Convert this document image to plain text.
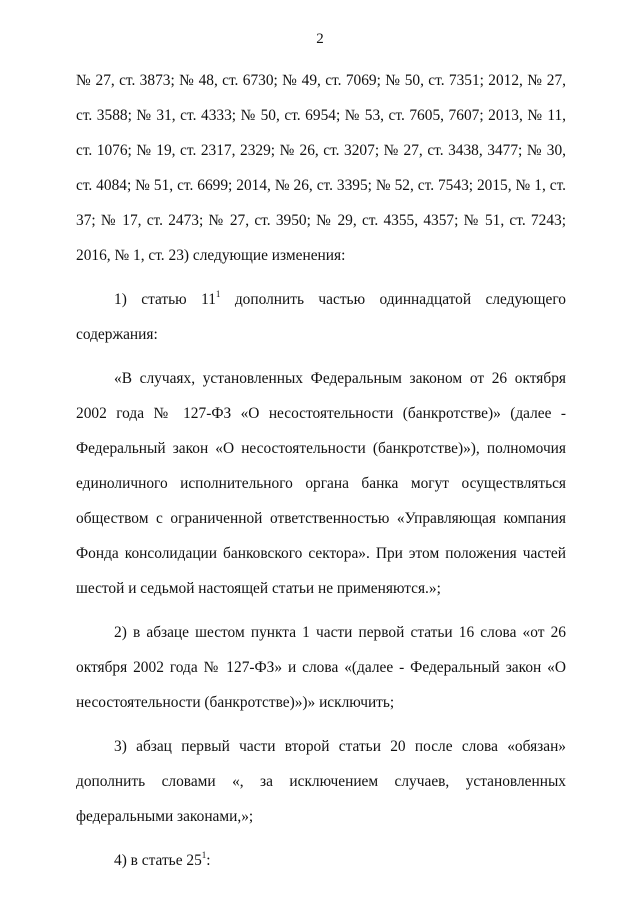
2

№ 27, ст. 3873; № 48, ст. 6730; № 49, ст. 7069; № 50, ст. 7351; 2012, № 27, ст. 3588; № 31, ст. 4333; № 50, ст. 6954; № 53, ст. 7605, 7607; 2013, № 11, ст. 1076; № 19, ст. 2317, 2329; № 26, ст. 3207; № 27, ст. 3438, 3477; № 30, ст. 4084; № 51, ст. 6699; 2014, № 26, ст. 3395; № 52, ст. 7543; 2015, № 1, ст. 37; № 17, ст. 2473; № 27, ст. 3950; № 29, ст. 4355, 4357; № 51, ст. 7243; 2016, № 1, ст. 23) следующие изменения:

1) статью $11^1$ дополнить частью одиннадцатой следующего содержания:

«В случаях, установленных Федеральным законом от 26 октября 2002 года № 127-ФЗ «О несостоятельности (банкротстве)» (далее - Федеральный закон «О несостоятельности (банкротстве)»), полномочия единоличного исполнительного органа банка могут осуществляться обществом с ограниченной ответственностью «Управляющая компания Фонда консолидации банковского сектора». При этом положения частей шестой и седьмой настоящей статьи не применяются.»;

2) в абзаце шестом пункта 1 части первой статьи 16 слова «от 26 октября 2002 года № 127-ФЗ» и слова «(далее - Федеральный закон «О несостоятельности (банкротстве)»)» исключить;

3) абзац первый части второй статьи 20 после слова «обязан» дополнить словами «, за исключением случаев, установленных федеральными законами,»;

4) в статье $25^1$:
